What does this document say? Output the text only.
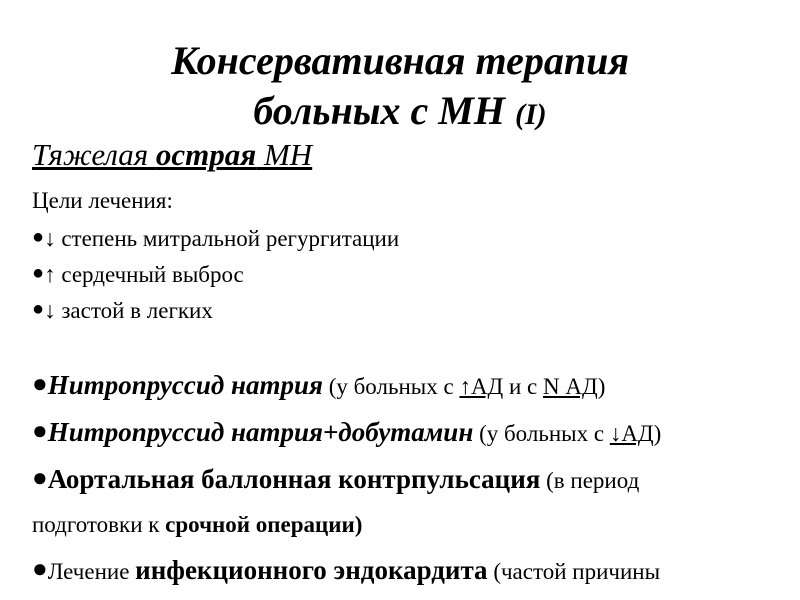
Консервативная терапия
больных с МН (I)
Тяжелая острая МН
Цели лечения:
●↓ степень митральной регургитации
●↑ сердечный выброс
●↓ застой в легких
●Нитропруссид натрия (у больных с ↑АД и с N АД)
●Нитропруссид натрия+добутамин (у больных с ↓АД)
●Аортальная баллонная контрпульсация (в период
подготовки к срочной операции)
●Лечение инфекционного эндокардита (частой причины
